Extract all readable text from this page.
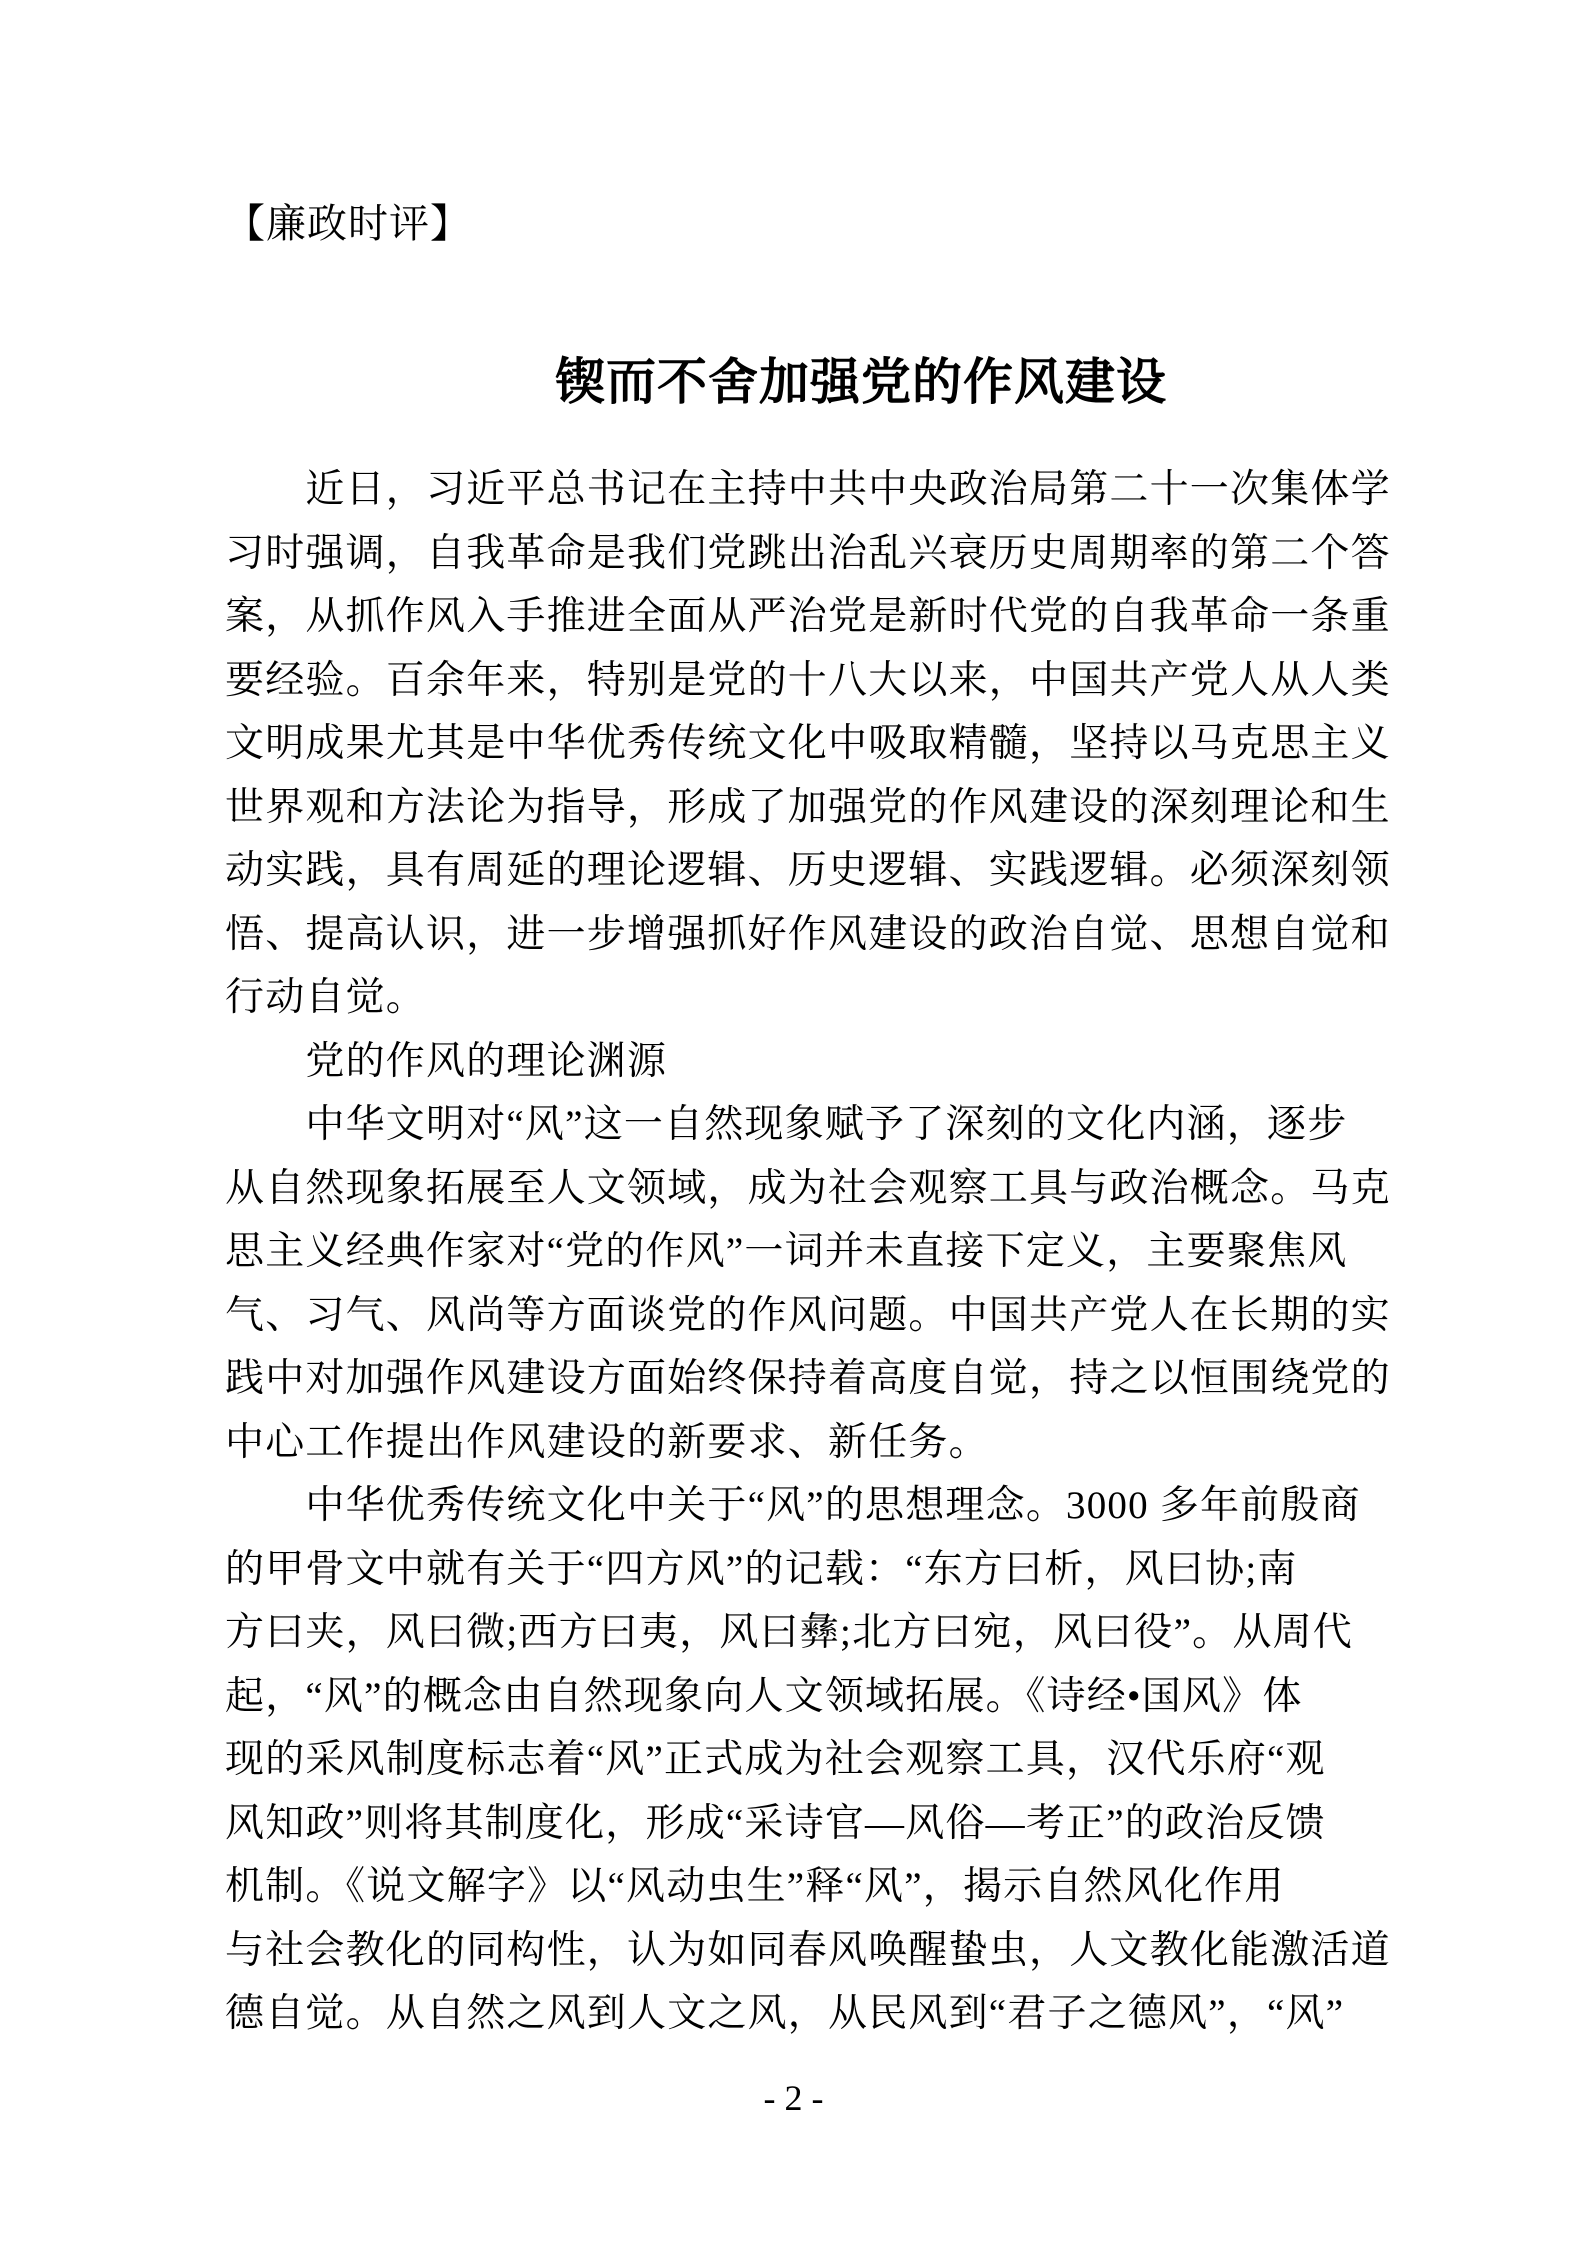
【廉政时评】
锲而不舍加强党的作风建设
　　近日，习近平总书记在主持中共中央政治局第二十一次集体学
习时强调，自我革命是我们党跳出治乱兴衰历史周期率的第二个答
案，从抓作风入手推进全面从严治党是新时代党的自我革命一条重
要经验。百余年来，特别是党的十八大以来，中国共产党人从人类
文明成果尤其是中华优秀传统文化中吸取精髓，坚持以马克思主义
世界观和方法论为指导，形成了加强党的作风建设的深刻理论和生
动实践，具有周延的理论逻辑、历史逻辑、实践逻辑。必须深刻领
悟、提高认识，进一步增强抓好作风建设的政治自觉、思想自觉和
行动自觉。
　　党的作风的理论渊源
　　中华文明对“风”这一自然现象赋予了深刻的文化内涵，逐步
从自然现象拓展至人文领域，成为社会观察工具与政治概念。马克
思主义经典作家对“党的作风”一词并未直接下定义，主要聚焦风
气、习气、风尚等方面谈党的作风问题。中国共产党人在长期的实
践中对加强作风建设方面始终保持着高度自觉，持之以恒围绕党的
中心工作提出作风建设的新要求、新任务。
　　中华优秀传统文化中关于“风”的思想理念。3000 多年前殷商
的甲骨文中就有关于“四方风”的记载：“东方曰析，风曰协;南
方曰夹，风曰微;西方曰夷，风曰彝;北方曰宛，风曰役”。从周代
起，“风”的概念由自然现象向人文领域拓展。《诗经•国风》体
现的采风制度标志着“风”正式成为社会观察工具，汉代乐府“观
风知政”则将其制度化，形成“采诗官—风俗—考正”的政治反馈
机制。《说文解字》以“风动虫生”释“风”，揭示自然风化作用
与社会教化的同构性，认为如同春风唤醒蛰虫，人文教化能激活道
德自觉。从自然之风到人文之风，从民风到“君子之德风”，“风”
- 2 -
